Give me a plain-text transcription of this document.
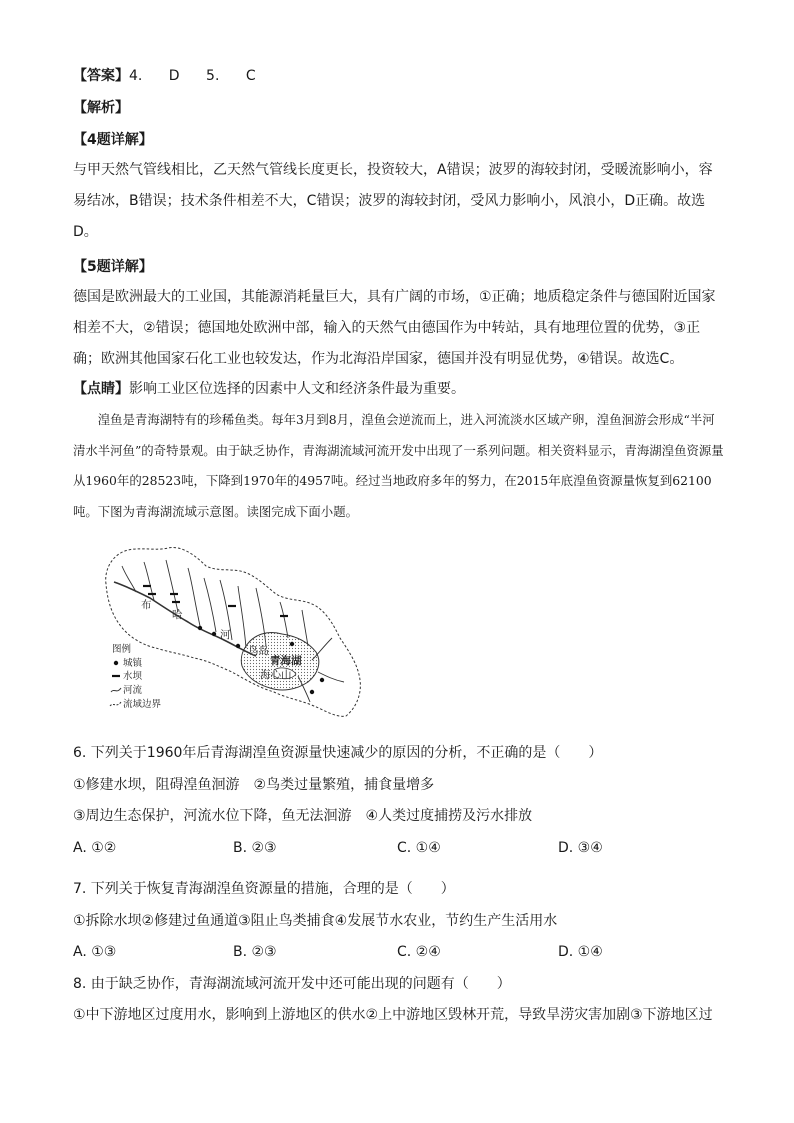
【答案】4. D 5. C
【解析】
【4题详解】
与甲天然气管线相比，乙天然气管线长度更长，投资较大，A错误；波罗的海较封闭，受暖流影响小，容易结冰，B错误；技术条件相差不大，C错误；波罗的海较封闭，受风力影响小，风浪小，D正确。故选D。
【5题详解】
德国是欧洲最大的工业国，其能源消耗量巨大，具有广阔的市场，①正确；地质稳定条件与德国附近国家相差不大，②错误；德国地处欧洲中部，输入的天然气由德国作为中转站，具有地理位置的优势，③正确；欧洲其他国家石化工业也较发达，作为北海沿岸国家，德国并没有明显优势，④错误。故选C。
【点睛】影响工业区位选择的因素中人文和经济条件最为重要。
湟鱼是青海湖特有的珍稀鱼类。每年3月到8月，湟鱼会逆流而上，进入河流淡水区域产卵，湟鱼洄游会形成“半河清水半河鱼”的奇特景观。由于缺乏协作，青海湖流域河流开发中出现了一系列问题。相关资料显示，青海湖湟鱼资源量从1960年的28523吨，下降到1970年的4957吨。经过当地政府多年的努力，在2015年底湟鱼资源量恢复到62100吨。下图为青海湖流域示意图。读图完成下面小题。
布
哈
河
鸟岛
青海湖
海心山
图例
城镇
水坝
河流
流域边界
6. 下列关于1960年后青海湖湟鱼资源量快速减少的原因的分析，不正确的是（　　）
①修建水坝，阻碍湟鱼洄游　②鸟类过量繁殖，捕食量增多
③周边生态保护，河流水位下降，鱼无法洄游　④人类过度捕捞及污水排放
A. ①②	B. ②③	C. ①④	D. ③④
7. 下列关于恢复青海湖湟鱼资源量的措施，合理的是（　　）
①拆除水坝②修建过鱼通道③阻止鸟类捕食④发展节水农业，节约生产生活用水
A. ①③	B. ②③	C. ②④	D. ①④
8. 由于缺乏协作，青海湖流域河流开发中还可能出现的问题有（　　）
①中下游地区过度用水，影响到上游地区的供水②上中游地区毁林开荒，导致旱涝灾害加剧③下游地区过
